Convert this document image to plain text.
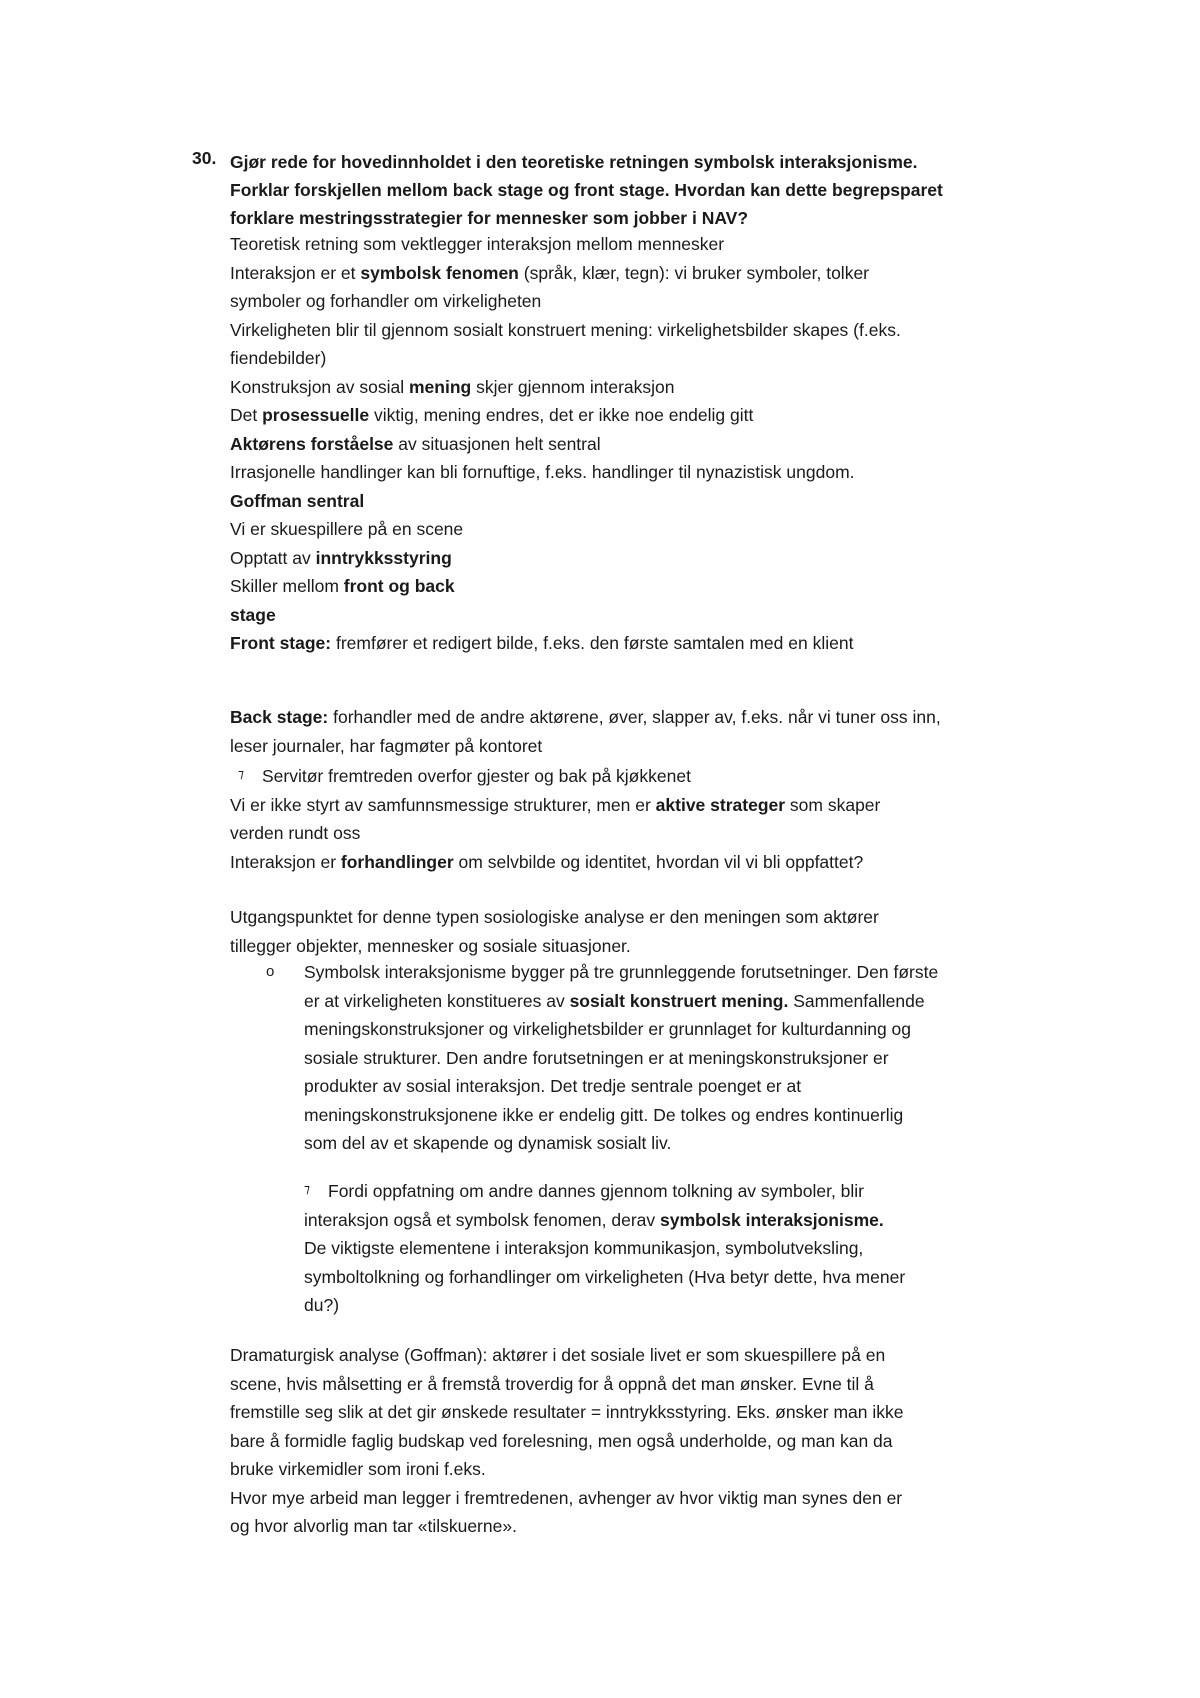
30. Gjør rede for hovedinnholdet i den teoretiske retningen symbolsk interaksjonisme.
Forklar forskjellen mellom back stage og front stage. Hvordan kan dette begrepsparet
forklare mestringsstrategier for mennesker som jobber i NAV?
Teoretisk retning som vektlegger interaksjon mellom mennesker
Interaksjon er et symbolsk fenomen (språk, klær, tegn): vi bruker symboler, tolker
symboler og forhandler om virkeligheten
Virkeligheten blir til gjennom sosialt konstruert mening: virkelighetsbilder skapes (f.eks.
fiendebilder)
Konstruksjon av sosial mening skjer gjennom interaksjon
Det prosessuelle viktig, mening endres, det er ikke noe endelig gitt
Aktørens forståelse av situasjonen helt sentral
Irrasjonelle handlinger kan bli fornuftige, f.eks. handlinger til nynazistisk ungdom.
Goffman sentral
Vi er skuespillere på en scene
Opptatt av inntrykksstyring
Skiller mellom front og back
stage
Front stage: fremfører et redigert bilde, f.eks. den første samtalen med en klient
Back stage: forhandler med de andre aktørene, øver, slapper av, f.eks. når vi tuner oss inn,
leser journaler, har fagmøter på kontoret
⁊ Servitør fremtreden overfor gjester og bak på kjøkkenet
Vi er ikke styrt av samfunnsmessige strukturer, men er aktive strateger som skaper
verden rundt oss
Interaksjon er forhandlinger om selvbilde og identitet, hvordan vil vi bli oppfattet?
Utgangspunktet for denne typen sosiologiske analyse er den meningen som aktører
tillegger objekter, mennesker og sosiale situasjoner.
o Symbolsk interaksjonisme bygger på tre grunnleggende forutsetninger. Den første
er at virkeligheten konstitueres av sosialt konstruert mening. Sammenfallende
meningskonstruksjoner og virkelighetsbilder er grunnlaget for kulturdanning og
sosiale strukturer. Den andre forutsetningen er at meningskonstruksjoner er
produkter av sosial interaksjon. Det tredje sentrale poenget er at
meningskonstruksjonene ikke er endelig gitt. De tolkes og endres kontinuerlig
som del av et skapende og dynamisk sosialt liv.
⁊ Fordi oppfatning om andre dannes gjennom tolkning av symboler, blir
interaksjon også et symbolsk fenomen, derav symbolsk interaksjonisme.
De viktigste elementene i interaksjon kommunikasjon, symbolutveksling,
symboltolkning og forhandlinger om virkeligheten (Hva betyr dette, hva mener
du?)
Dramaturgisk analyse (Goffman): aktører i det sosiale livet er som skuespillere på en
scene, hvis målsetting er å fremstå troverdig for å oppnå det man ønsker. Evne til å
fremstille seg slik at det gir ønskede resultater = inntrykksstyring. Eks. ønsker man ikke
bare å formidle faglig budskap ved forelesning, men også underholde, og man kan da
bruke virkemidler som ironi f.eks.
Hvor mye arbeid man legger i fremtredenen, avhenger av hvor viktig man synes den er
og hvor alvorlig man tar «tilskuerne».
